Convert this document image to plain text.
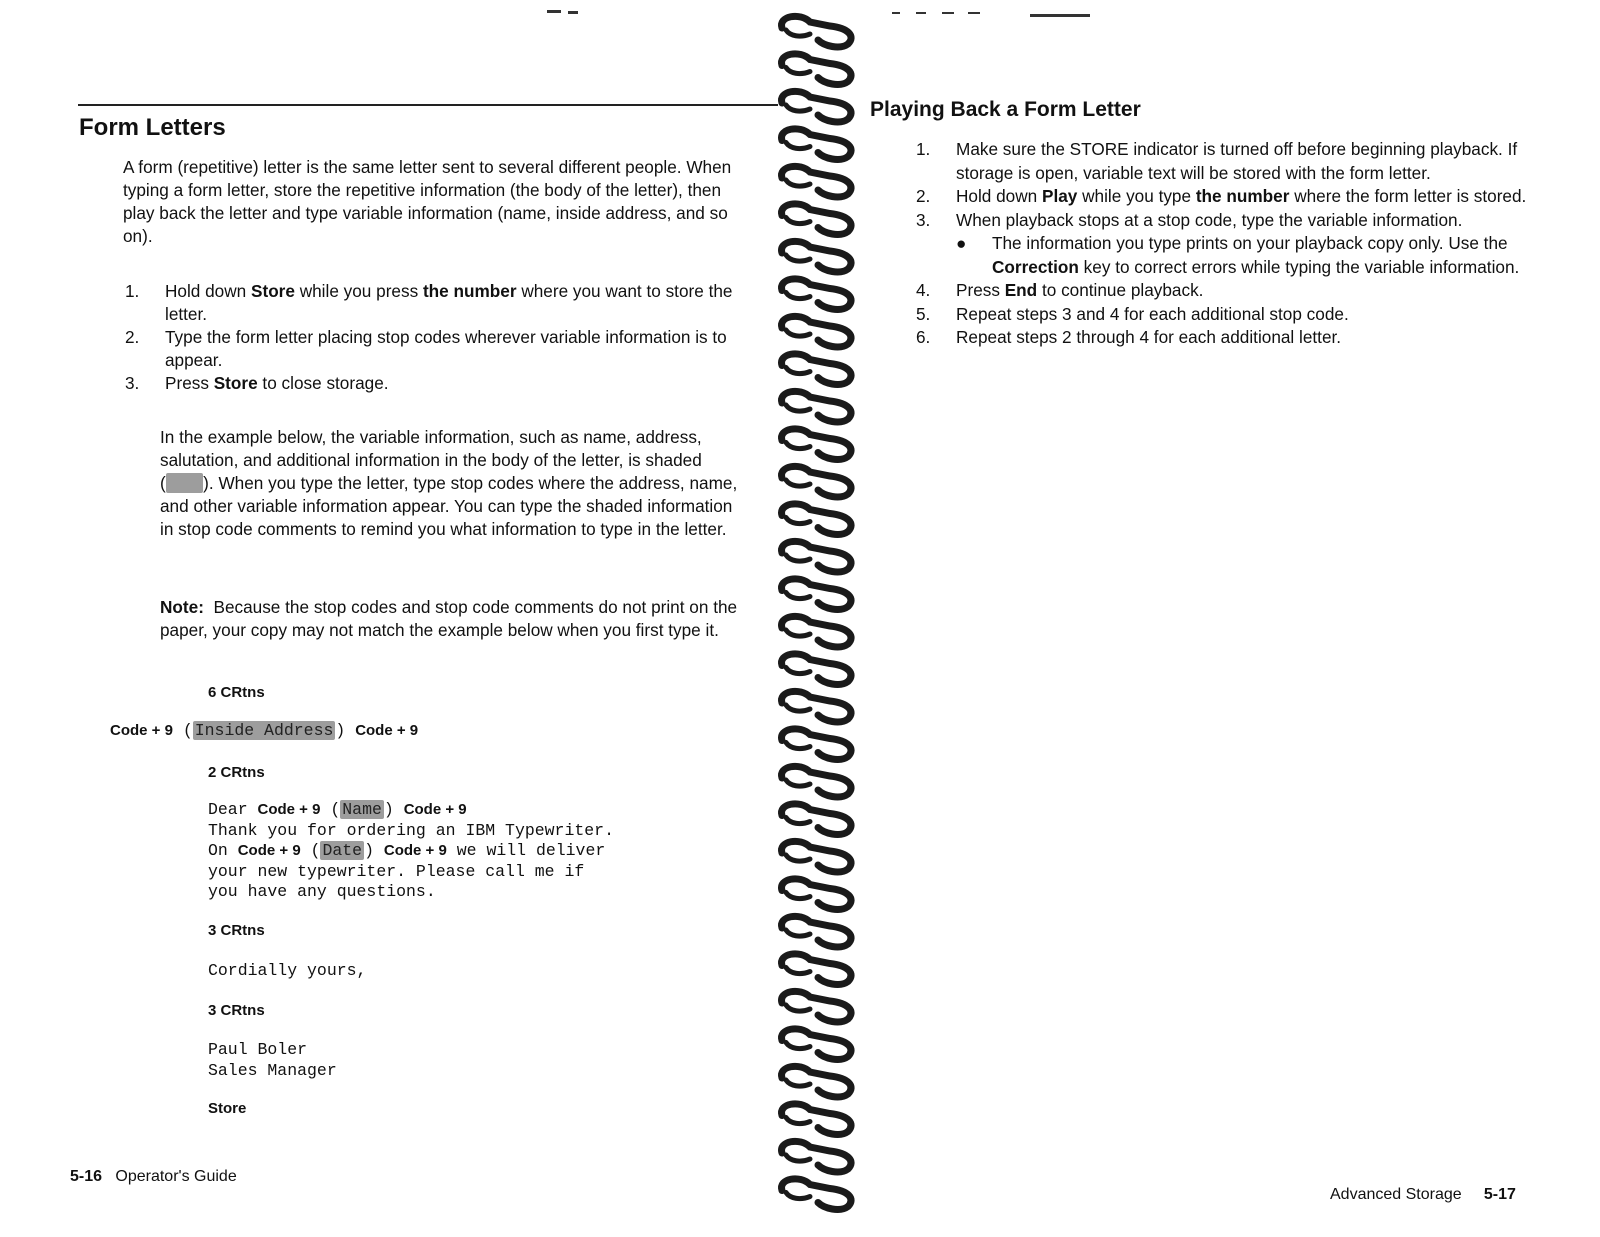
Form Letters
A form (repetitive) letter is the same letter sent to several different people. When typing a form letter, store the repetitive information (the body of the letter), then play back the letter and type variable information (name, inside address, and so on).
1. Hold down Store while you press the number where you want to store the letter.
2. Type the form letter placing stop codes wherever variable information is to appear.
3. Press Store to close storage.
In the example below, the variable information, such as name, address, salutation, and additional information in the body of the letter, is shaded ( ). When you type the letter, type stop codes where the address, name, and other variable information appear. You can type the shaded information in stop code comments to remind you what information to type in the letter.
Note: Because the stop codes and stop code comments do not print on the paper, your copy may not match the example below when you first type it.
6 CRtns
Code + 9 ( Inside Address ) Code + 9
2 CRtns
Dear Code + 9 ( Name ) Code + 9
Thank you for ordering an IBM Typewriter.
On Code + 9 ( Date ) Code + 9 we will deliver
your new typewriter. Please call me if
you have any questions.
3 CRtns
Cordially yours,
3 CRtns
Paul Boler
Sales Manager
Store
5-16 Operator's Guide
Playing Back a Form Letter
1. Make sure the STORE indicator is turned off before beginning playback. If storage is open, variable text will be stored with the form letter.
2. Hold down Play while you type the number where the form letter is stored.
3. When playback stops at a stop code, type the variable information.
● The information you type prints on your playback copy only. Use the Correction key to correct errors while typing the variable information.
4. Press End to continue playback.
5. Repeat steps 3 and 4 for each additional stop code.
6. Repeat steps 2 through 4 for each additional letter.
Advanced Storage 5-17
